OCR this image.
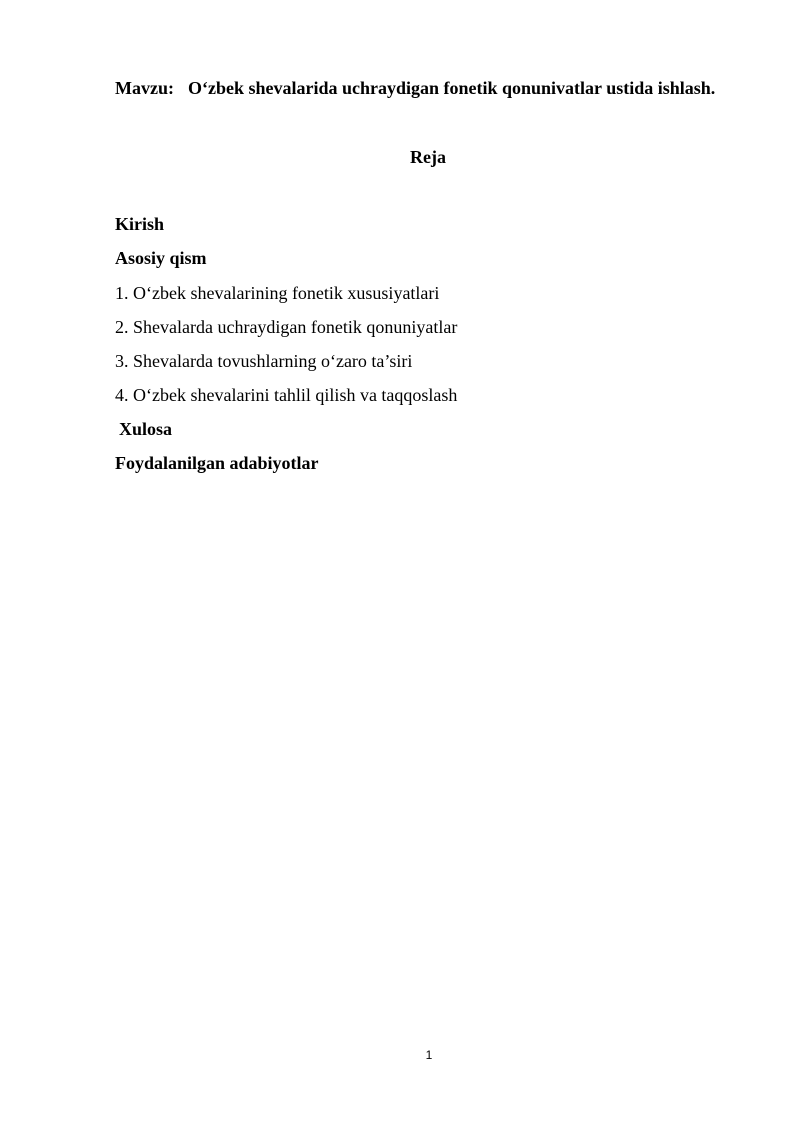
Mavzu: O‘zbek shevalarida uchraydigan fonetik qonunivatlar ustida ishlash.
Reja
Kirish
Asosiy qism
1. O‘zbek shevalarining fonetik xususiyatlari
2. Shevalarda uchraydigan fonetik qonuniyatlar
3. Shevalarda tovushlarning o‘zaro ta’siri
4. O‘zbek shevalarini tahlil qilish va taqqoslash
Xulosa
Foydalanilgan adabiyotlar
1
